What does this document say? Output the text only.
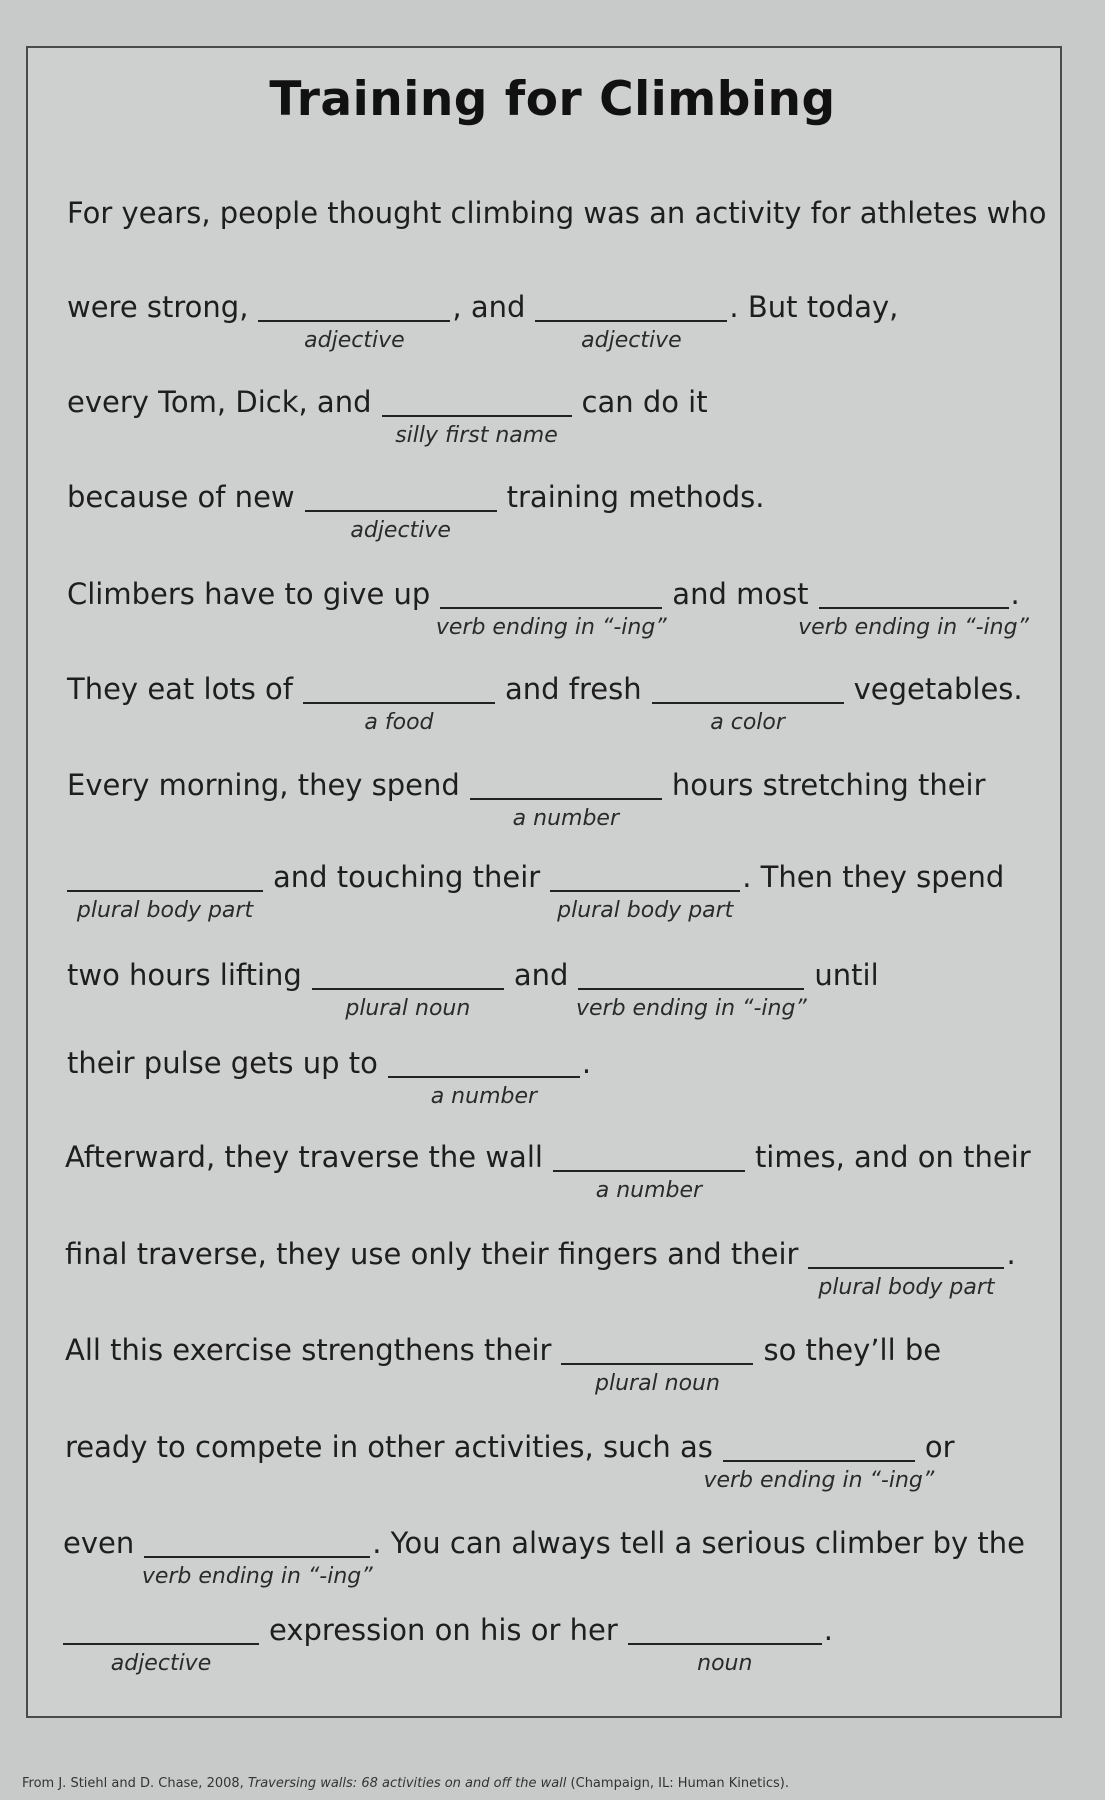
Training for Climbing
For years, people thought climbing was an activity for athletes who
were strong,
adjective
, and
adjective
. But today,
every Tom, Dick, and
silly first name
can do it
because of new
adjective
training methods.
Climbers have to give up
verb ending in “-ing”
and most
verb ending in “-ing”
.
They eat lots of
a food
and fresh
a color
vegetables.
Every morning, they spend
a number
hours stretching their
plural body part
and touching their
plural body part
. Then they spend
two hours lifting
plural noun
and
verb ending in “-ing”
until
their pulse gets up to
a number
.
Afterward, they traverse the wall
a number
times, and on their
final traverse, they use only their fingers and their
plural body part
.
All this exercise strengthens their
plural noun
so they’ll be
ready to compete in other activities, such as
verb ending in “-ing”
or
even
verb ending in “-ing”
. You can always tell a serious climber by the
adjective
expression on his or her
noun
.
From J. Stiehl and D. Chase, 2008, Traversing walls: 68 activities on and off the wall (Champaign, IL: Human Kinetics).
